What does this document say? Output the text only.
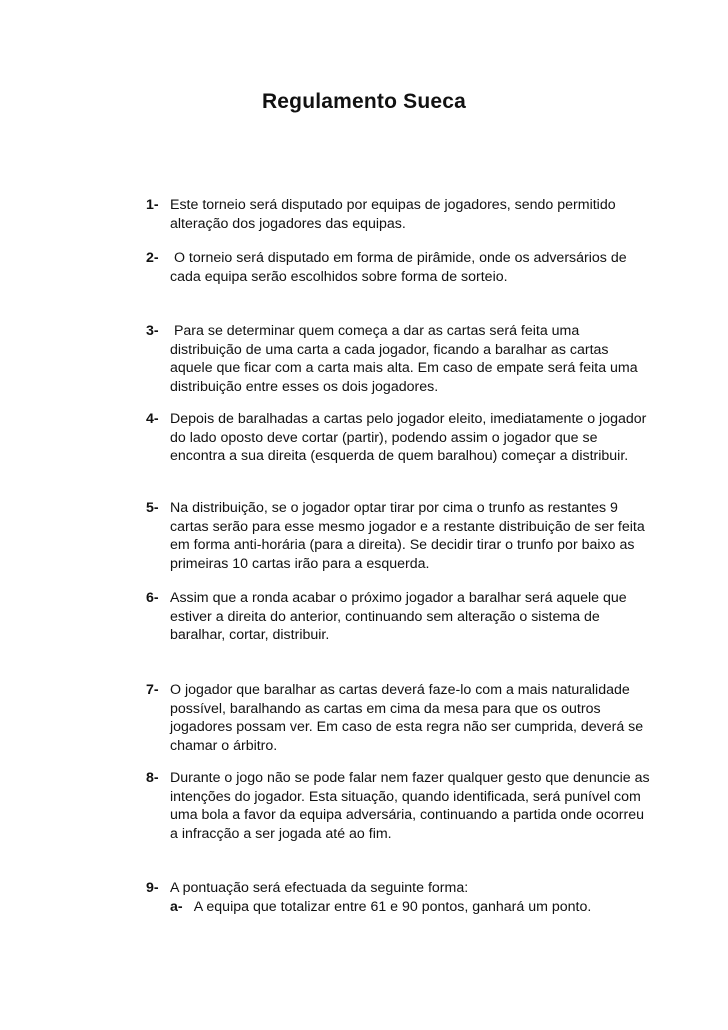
Regulamento Sueca
1- Este torneio será disputado por equipas de jogadores, sendo permitido
alteração dos jogadores das equipas.
2- O torneio será disputado em forma de pirâmide, onde os adversários de
cada equipa serão escolhidos sobre forma de sorteio.
3- Para se determinar quem começa a dar as cartas será feita uma
distribuição de uma carta a cada jogador, ficando a baralhar as cartas
aquele que ficar com a carta mais alta. Em caso de empate será feita uma
distribuição entre esses os dois jogadores.
4- Depois de baralhadas a cartas pelo jogador eleito, imediatamente o jogador
do lado oposto deve cortar (partir), podendo assim o jogador que se
encontra a sua direita (esquerda de quem baralhou) começar a distribuir.
5- Na distribuição, se o jogador optar tirar por cima o trunfo as restantes 9
cartas serão para esse mesmo jogador e a restante distribuição de ser feita
em forma anti-horária (para a direita). Se decidir tirar o trunfo por baixo as
primeiras 10 cartas irão para a esquerda.
6- Assim que a ronda acabar o próximo jogador a baralhar será aquele que
estiver a direita do anterior, continuando sem alteração o sistema de
baralhar, cortar, distribuir.
7- O jogador que baralhar as cartas deverá faze-lo com a mais naturalidade
possível, baralhando as cartas em cima da mesa para que os outros
jogadores possam ver. Em caso de esta regra não ser cumprida, deverá se
chamar o árbitro.
8- Durante o jogo não se pode falar nem fazer qualquer gesto que denuncie as
intenções do jogador. Esta situação, quando identificada, será punível com
uma bola a favor da equipa adversária, continuando a partida onde ocorreu
a infracção a ser jogada até ao fim.
9- A pontuação será efectuada da seguinte forma:
a- A equipa que totalizar entre 61 e 90 pontos, ganhará um ponto.
